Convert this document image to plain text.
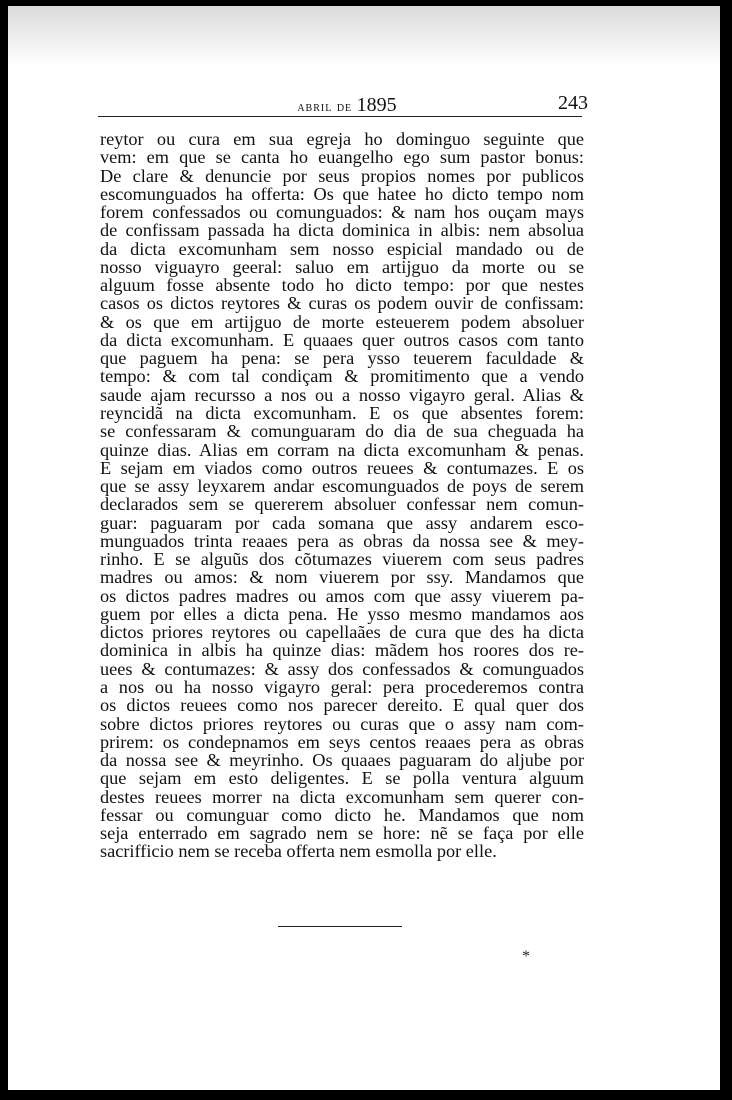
abril de 1895	243
reytor ou cura em sua egreja ho dominguo seguinte que
vem: em que se canta ho euangelho ego sum pastor bonus:
De clare & denuncie por seus propios nomes por publicos
escomunguados ha offerta: Os que hatee ho dicto tempo nom
forem confessados ou comunguados: & nam hos ouçam mays
de confissam passada ha dicta dominica in albis: nem absolua
da dicta excomunham sem nosso espicial mandado ou de
nosso viguayro geeral: saluo em artijguo da morte ou se
alguum fosse absente todo ho dicto tempo: por que nestes
casos os dictos reytores & curas os podem ouvir de confissam:
& os que em artijguo de morte esteuerem podem absoluer
da dicta excomunham. E quaaes quer outros casos com tanto
que paguem ha pena: se pera ysso teuerem faculdade &
tempo: & com tal condiçam & promitimento que a vendo
saude ajam recursso a nos ou a nosso vigayro geral. Alias &
reyncidã na dicta excomunham. E os que absentes forem:
se confessaram & comunguaram do dia de sua cheguada ha
quinze dias. Alias em corram na dicta excomunham & penas.
E sejam em viados como outros reuees & contumazes. E os
que se assy leyxarem andar escomunguados de poys de serem
declarados sem se quererem absoluer confessar nem comun-
guar: paguaram por cada somana que assy andarem esco-
munguados trinta reaaes pera as obras da nossa see & mey-
rinho. E se alguũs dos cõtumazes viuerem com seus padres
madres ou amos: & nom viuerem por ssy. Mandamos que
os dictos padres madres ou amos com que assy viuerem pa-
guem por elles a dicta pena. He ysso mesmo mandamos aos
dictos priores reytores ou capellaães de cura que des ha dicta
dominica in albis ha quinze dias: mãdem hos roores dos re-
uees & contumazes: & assy dos confessados & comunguados
a nos ou ha nosso vigayro geral: pera procederemos contra
os dictos reuees como nos parecer dereito. E qual quer dos
sobre dictos priores reytores ou curas que o assy nam com-
prirem: os condepnamos em seys centos reaaes pera as obras
da nossa see & meyrinho. Os quaaes paguaram do aljube por
que sejam em esto deligentes. E se polla ventura alguum
destes reuees morrer na dicta excomunham sem querer con-
fessar ou comunguar como dicto he. Mandamos que nom
seja enterrado em sagrado nem se hore: nẽ se faça por elle
sacrifficio nem se receba offerta nem esmolla por elle.
*
